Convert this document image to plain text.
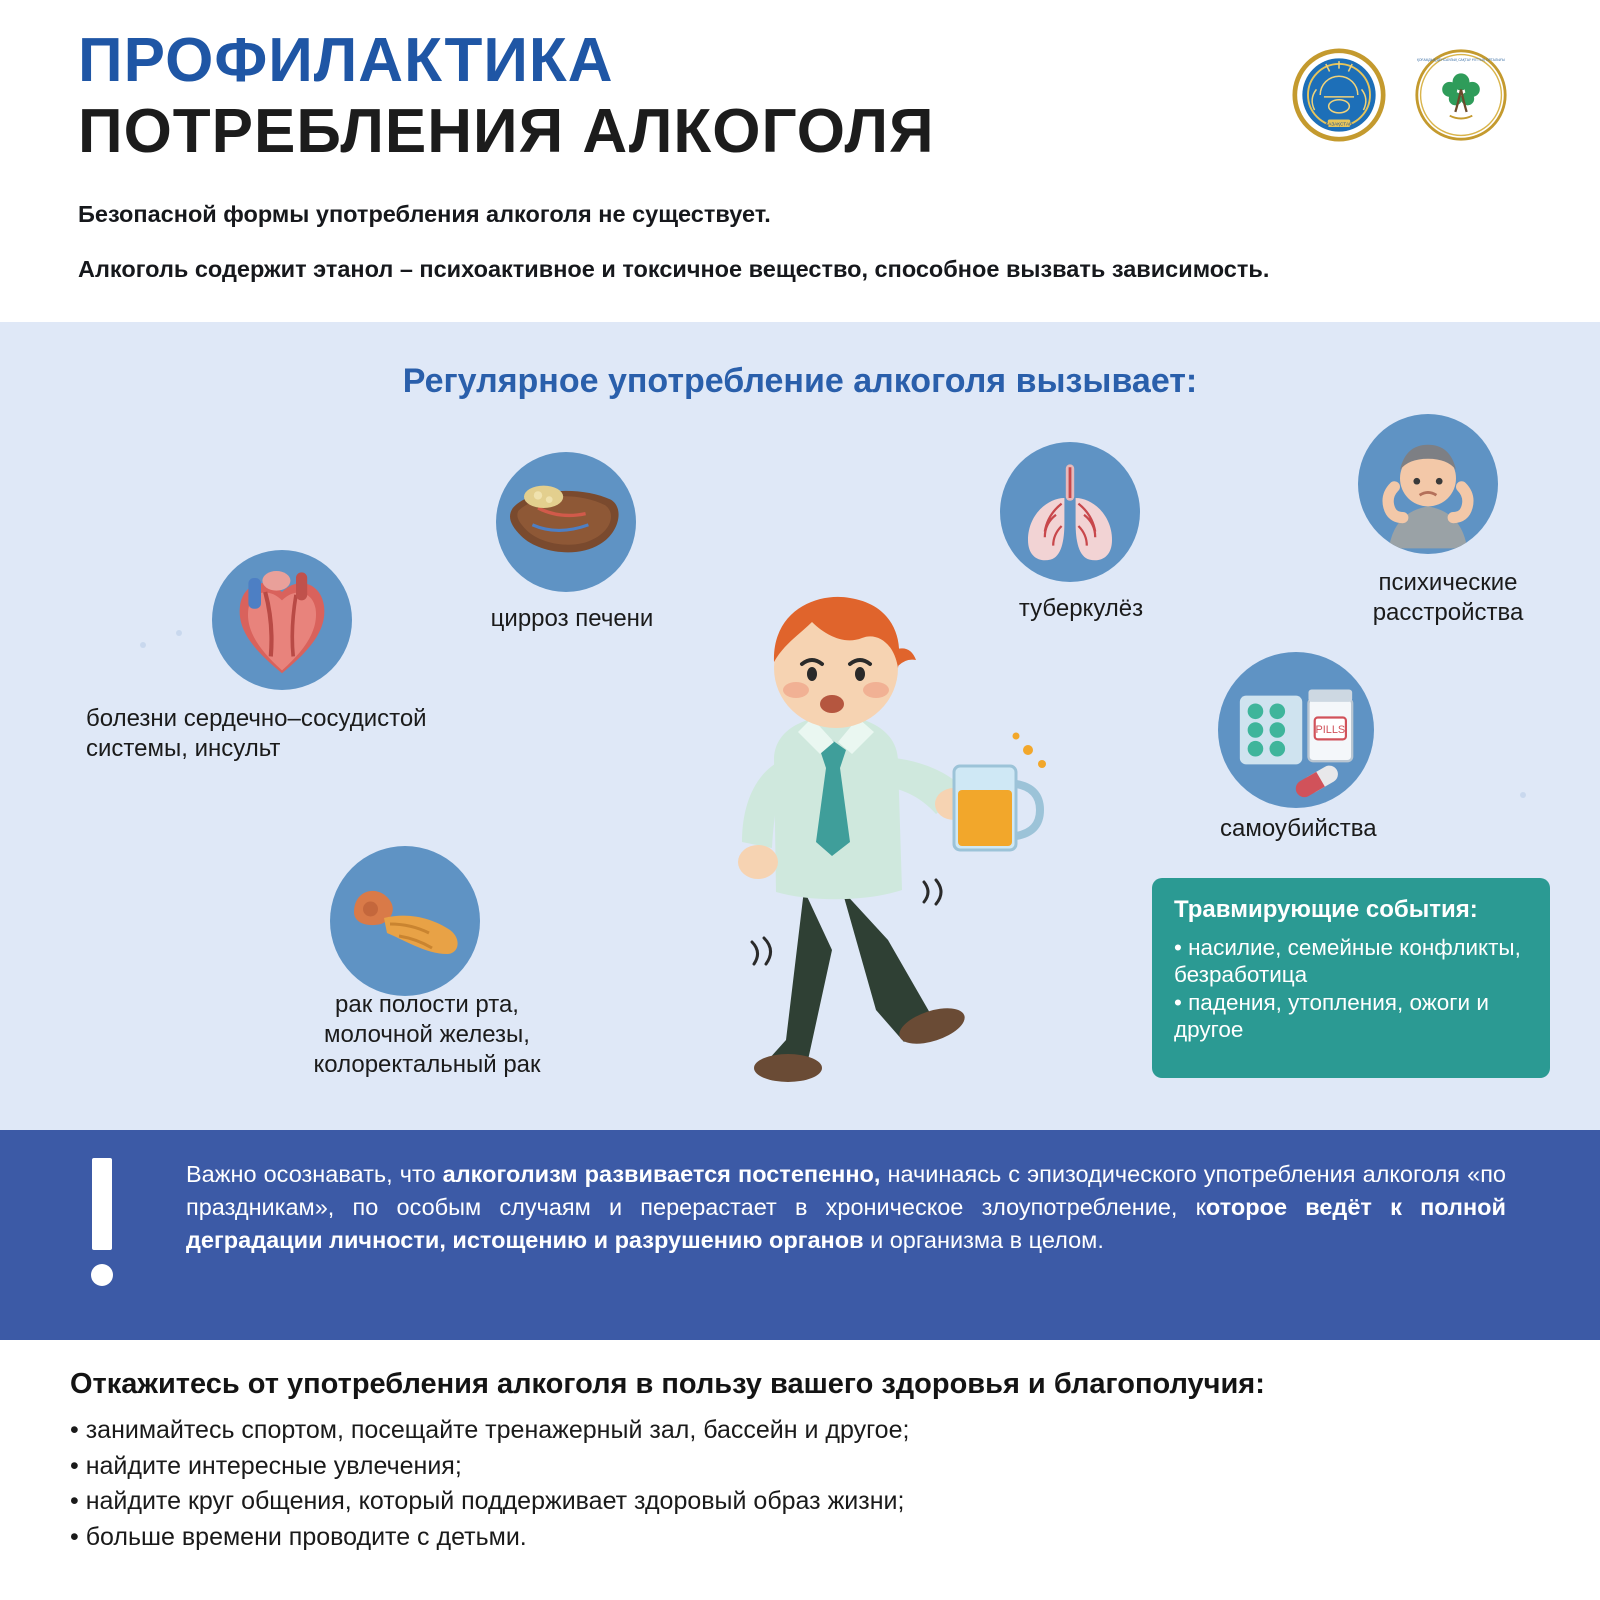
ПРОФИЛАКТИКА
ПОТРЕБЛЕНИЯ АЛКОГОЛЯ
Безопасной формы употребления алкоголя не существует.
Алкоголь содержит этанол – психоактивное и токсичное вещество, способное вызвать зависимость.
ҚАЗАҚСТАН
ҚОҒАМДЫҚ ДЕНСАУЛЫҚ САҚТАУ ҰЛТТЫҚ ОРТАЛЫҒЫ
Регулярное употребление алкоголя вызывает:
болезни сердечно–сосудистой
системы, инсульт
цирроз печени	туберкулёз
психические
расстройства
PILLS
самоубийства
рак полости рта,
молочной железы,
колоректальный рак
Травмирующие события:

• насилие, семейные конфликты, безработица

• падения, утопления, ожоги и другое

Важно осознавать, что алкоголизм развивается постепенно, начинаясь с эпизодического употребления алкоголя «по праздникам», по особым случаям и перерастает в хроническое злоупотребление, которое ведёт к полной деградации личности, истощению и разрушению органов и организма в целом.
Откажитесь от употребления алкоголя в пользу вашего здоровья и благополучия:
• занимайтесь спортом, посещайте тренажерный зал, бассейн и другое;
• найдите интересные увлечения;
• найдите круг общения, который поддерживает здоровый образ жизни;
• больше времени проводите с детьми.
